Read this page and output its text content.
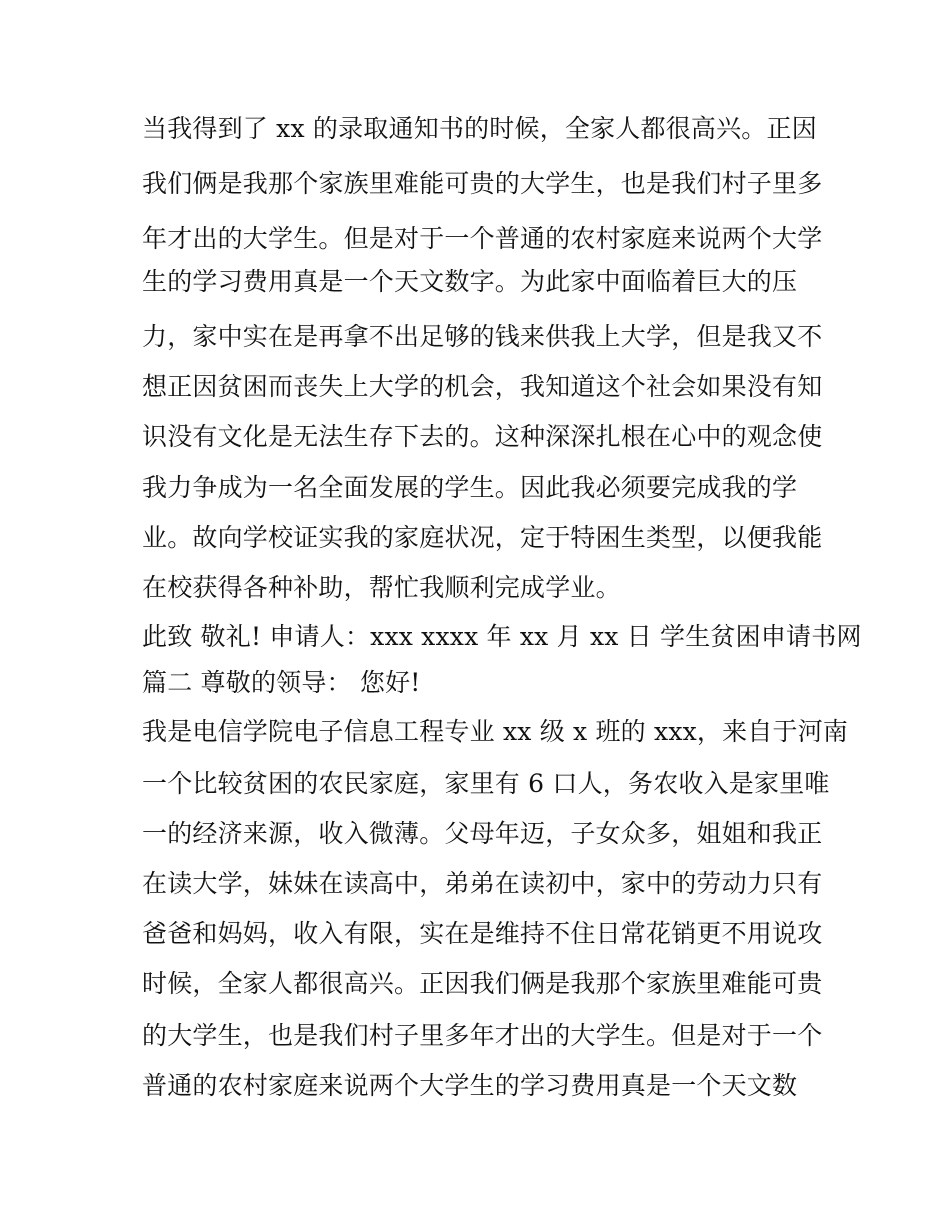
当我得到了 xx 的录取通知书的时候，全家人都很高兴。正因
我们俩是我那个家族里难能可贵的大学生，也是我们村子里多
年才出的大学生。但是对于一个普通的农村家庭来说两个大学
生的学习费用真是一个天文数字。为此家中面临着巨大的压
力，家中实在是再拿不出足够的钱来供我上大学，但是我又不
想正因贫困而丧失上大学的机会，我知道这个社会如果没有知
识没有文化是无法生存下去的。这种深深扎根在心中的观念使
我力争成为一名全面发展的学生。因此我必须要完成我的学
业。故向学校证实我的家庭状况，定于特困生类型，以便我能
在校获得各种补助，帮忙我顺利完成学业。
此致 敬礼! 申请人：xxx xxxx 年 xx 月 xx 日 学生贫困申请书网
篇二 尊敬的领导： 您好!
我是电信学院电子信息工程专业 xx 级 x 班的 xxx，来自于河南
一个比较贫困的农民家庭，家里有 6 口人，务农收入是家里唯
一的经济来源，收入微薄。父母年迈，子女众多，姐姐和我正
在读大学，妹妹在读高中，弟弟在读初中，家中的劳动力只有
爸爸和妈妈，收入有限，实在是维持不住日常花销更不用说攻
时候，全家人都很高兴。正因我们俩是我那个家族里难能可贵
的大学生，也是我们村子里多年才出的大学生。但是对于一个
普通的农村家庭来说两个大学生的学习费用真是一个天文数
